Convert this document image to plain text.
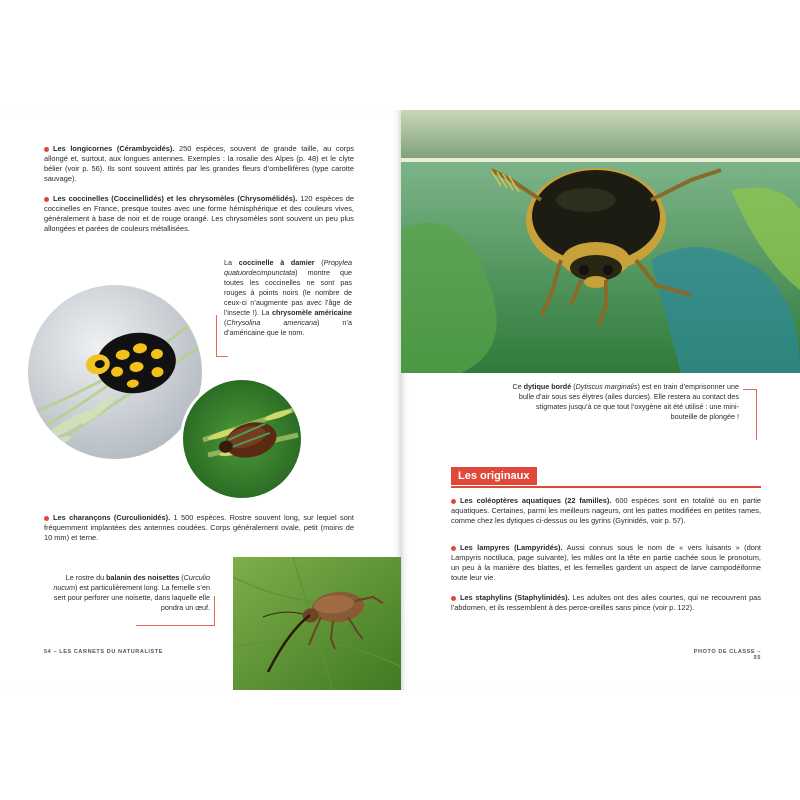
Les longicornes (Cérambycidés). 250 espèces, souvent de grande taille, au corps allongé et, surtout, aux longues antennes. Exemples : la rosalie des Alpes (p. 48) et le clyte bélier (voir p. 56). Ils sont souvent attirés par les grandes fleurs d’ombellifères (type carotte sauvage).
Les coccinelles (Coccinellidés) et les chrysomèles (Chrysomélidés). 120 espèces de coccinelles en France, presque toutes avec une forme hémisphérique et des couleurs vives, généralement à base de noir et de rouge orangé. Les chrysomèles sont souvent un peu plus allongées et parées de couleurs métallisées.
La coccinelle à damier (Propylea quatuordecimpunctata) montre que toutes les coccinelles ne sont pas rouges à points noirs (le nombre de ceux-ci n’augmente pas avec l’âge de l’insecte !). La chrysomèle américaine (Chrysolina americana) n’a d’américaine que le nom.
Les charançons (Curculionidés). 1 500 espèces. Rostre souvent long, sur lequel sont fréquemment implantées des antennes coudées. Corps généralement ovale, petit (moins de 10 mm) et terne.
Le rostre du balanin des noisettes (Curculio nucum) est particulièrement long. La femelle s’en sert pour perforer une noisette, dans laquelle elle pondra un œuf.
54 – LES CARNETS DU NATURALISTE
Ce dytique bordé (Dytiscus marginalis) est en train d’emprisonner une bulle d’air sous ses élytres (ailes durcies). Elle restera au contact des stigmates jusqu’à ce que tout l’oxygène ait été utilisé : une mini-bouteille de plongée !
Les originaux
Les coléoptères aquatiques (22 familles). 600 espèces sont en totalité ou en partie aquatiques. Certaines, parmi les meilleurs nageurs, ont les pattes modifiées en petites rames, comme chez les dytiques ci-dessus ou les gyrins (Gyrinidés, voir p. 57).
Les lampyres (Lampyridés). Aussi connus sous le nom de « vers luisants » (dont Lampyris noctiluca, page suivante), les mâles ont la tête en partie cachée sous le pronotum, un peu à la manière des blattes, et les femelles gardent un aspect de larve campodéiforme toute leur vie.
Les staphylins (Staphylinidés). Les adultes ont des ailes courtes, qui ne recouvrent pas l’abdomen, et ils ressemblent à des perce-oreilles sans pince (voir p. 122).
PHOTO DE CLASSE – 55
